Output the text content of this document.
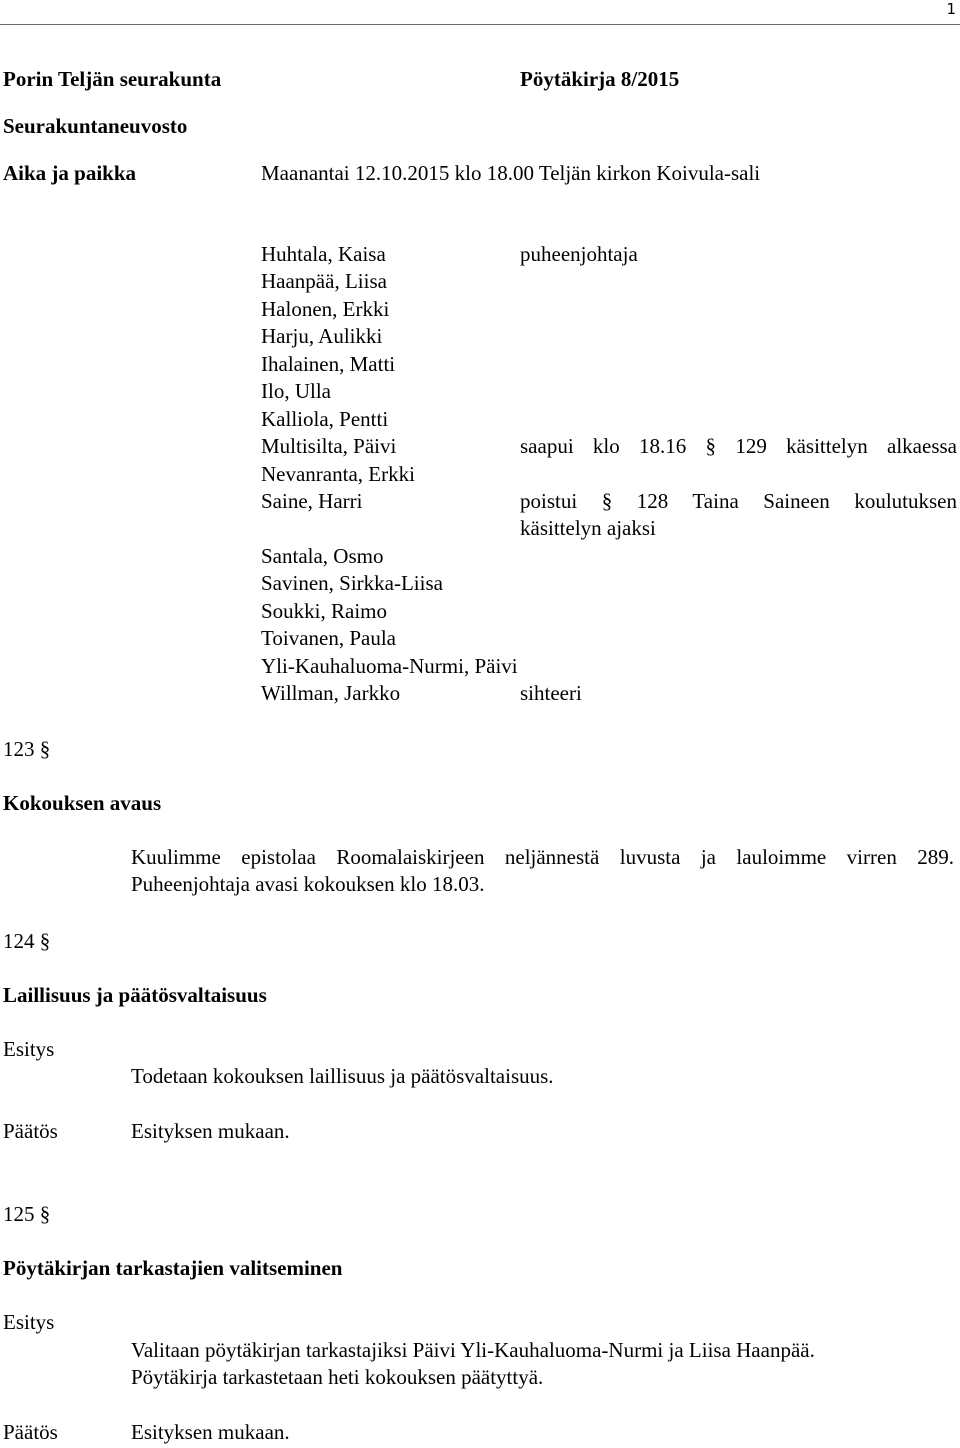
1
Porin Teljän seurakunta	Pöytäkirja 8/2015
Seurakuntaneuvosto
Aika ja paikka	Maanantai 12.10.2015 klo 18.00 Teljän kirkon Koivula-sali
Huhtala, Kaisa	puheenjohtaja
Haanpää, Liisa
Halonen, Erkki
Harju, Aulikki
Ihalainen, Matti
Ilo, Ulla
Kalliola, Pentti
Multisilta, Päivi	saapui klo 18.16 § 129 käsittelyn alkaessa
Nevanranta, Erkki
Saine, Harri	poistui § 128 Taina Saineen koulutuksen
käsittelyn ajaksi
Santala, Osmo
Savinen, Sirkka-Liisa
Soukki, Raimo
Toivanen, Paula
Yli-Kauhaluoma-Nurmi, Päivi
Willman, Jarkko	sihteeri
123 §
Kokouksen avaus
Kuulimme epistolaa Roomalaiskirjeen neljännestä luvusta ja lauloimme virren 289.
Puheenjohtaja avasi kokouksen klo 18.03.
124 §
Laillisuus ja päätösvaltaisuus
Esitys
Todetaan kokouksen laillisuus ja päätösvaltaisuus.
Päätös	Esityksen mukaan.
125 §
Pöytäkirjan tarkastajien valitseminen
Esitys
Valitaan pöytäkirjan tarkastajiksi Päivi Yli-Kauhaluoma-Nurmi ja Liisa Haanpää.
Pöytäkirja tarkastetaan heti kokouksen päätyttyä.
Päätös	Esityksen mukaan.
